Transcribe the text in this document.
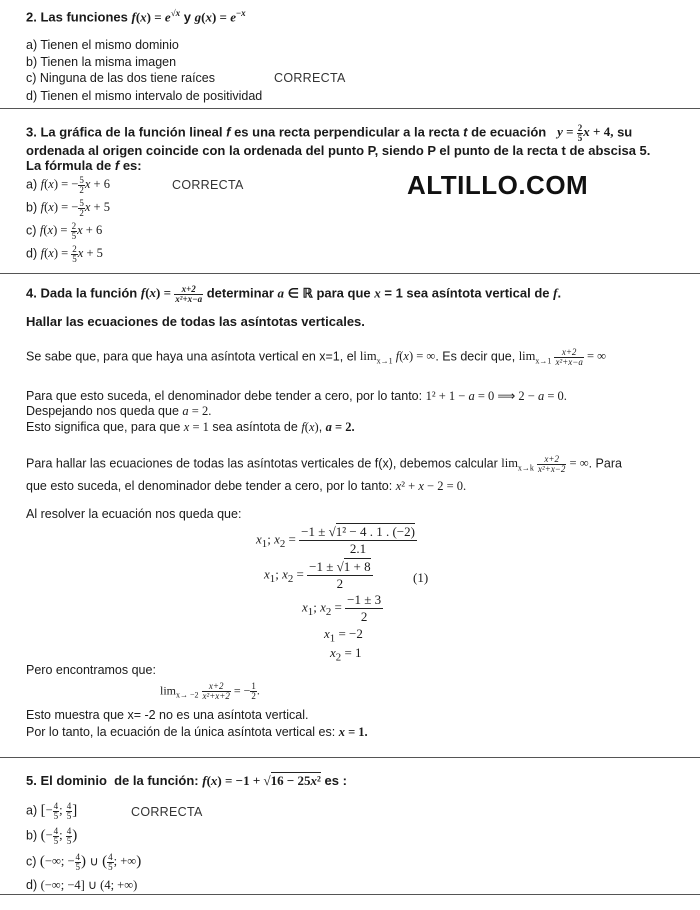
2. Las funciones $f(x) = e^{√x}$ y $g(x) = e^{-x}$
a) Tienen el mismo dominio
b) Tienen la misma imagen
c) Ninguna de las dos tiene raíces	CORRECTA
d) Tienen el mismo intervalo de positividad
3. La gráfica de la función lineal f es una recta perpendicular a la recta t de ecuación   $y = \frac{2}{5}$ x + 4, su
ordenada al origen coincide con la ordenada del punto P, siendo P el punto de la recta t de abscisa 5.
La fórmula de f es:
a) f(x) = − $\frac{5}{2}$ x + 6	CORRECTA	ALTILLO.COM
b) f(x) = − $\frac{5}{2}$ x + 5
c) $f(x) = \frac{2}{5}$ x + 6
d) $f(x) = \frac{2}{5}$ x + 5
4. Dada la función $f(x) = \frac{x+2}{\text{x²+x−a}}$ determinar a ∈ ℝ para que x = 1 sea asíntota vertical de f.
Hallar las ecuaciones de todas las asíntotas verticales.
Se sabe que, para que haya una asíntota vertical en x=1, el $\lim_{x\to 1} f(x)$ = ∞. Es decir que, $\lim_{x\to 1} \frac{x+2}{\text{x²+x−a}}$ = ∞
Para que esto suceda, el denominador debe tender a cero, por lo tanto: 1² + 1 − a = 0 ⟹ 2 − a = 0.
Despejando nos queda que a = 2.
Esto significa que, para que x = 1 sea asíntota de f(x), a = 2.
Para hallar las ecuaciones de todas las asíntotas verticales de f(x), debemos calcular $\lim_{x\to k} \frac{x+2}{\text{x²+x−2}}$ = ∞. Para
que esto suceda, el denominador debe tender a cero, por lo tanto: x² + x − 2 = 0.
Al resolver la ecuación nos queda que:
$x_1$; $x_2 = \frac{\text{−1 ± √1² − 4 . 1 . (−2)}}{2.1}$
$x_1$; $x_2 = \frac{-1 \pm √1 + 8}{2}$	(1)
$x_1$; $x_2 = \frac{-1 \pm 3}{2}$
$x_1 = -2$
$x_2 = 1$
Pero encontramos que:
$\lim_{x\to -2} \frac{x+2}{\text{x²+x+2}}$ = − $\frac{1}{2}$ .
Esto muestra que x= -2 no es una asíntota vertical.
Por lo tanto, la ecuación de la única asíntota vertical es: x = 1.
5. El dominio  de la función: f(x) = −1 + √16 − 25x² es :
a) [− $\frac{4}{5}$ ; $\frac{4}{5}$ ]	CORRECTA
b) (− $\frac{4}{5}$ ; $\frac{4}{5}$ )
c) (−∞; − $\frac{4}{5}$ ) ∪ ( $\frac{4}{5}$ ; +∞)
d) (−∞; −4] ∪ (4; +∞)
